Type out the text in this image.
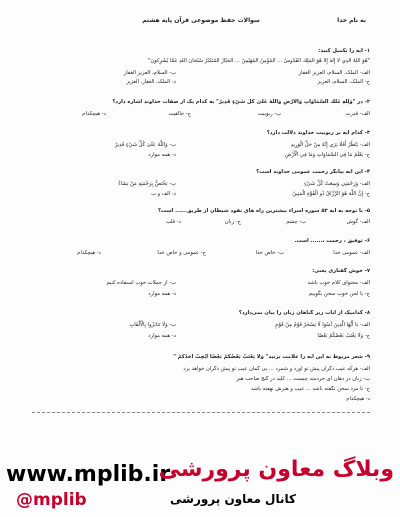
به نام خدا
سوالات حفظ موضوعی قرآن پایه هشتم
۱- آیه را تکمیل کنید:
"هُوَ اللَّهُ الَّذِي لَا إِلَٰهَ إِلَّا هُوَ الْمَلِكُ الْقُدُّوسُ ... الْمُؤْمِنُ الْمُهَيْمِنُ ... الْجَبَّارُ الْمُتَكَبِّرُ سُبْحَانَ اللَّهِ عَمَّا يُشْرِكُونَ"
الف- الملک، السلام، العزیز الغفار
ب- السلام، العزیز الغفار
ج- الملک، السلام، العزیز
د- الملک، العفار، العزیز
۲- در "وَلِلَّهِ مُلْكُ السَّمَاوَاتِ وَالْأَرْضِ وَاللَّهُ عَلَىٰ كُلِّ شَيْءٍ قَدِيرٌ" به کدام یک از صفات خداوند اشاره دارد؟
الف- قدرت
ب- ربوبیت
ج- خالقیت
د- هیچکدام
۳- کدام آیه بر ربوبیت خداوند دلالت دارد؟
الف- يَنْظُرْ أَفَلَا يَرَى إِنَّهُ مِنْ حَلِّ الْوَرِيدِ
ب- وَاللَّهُ عَلَىٰ كُلِّ شَيْءٍ قَدِيرٌ
ج- يَعْلَمُ مَا فِي السَّمَاوَاتِ وَمَا فِي الْأَرْضِ
د- همه موارد
۴- این آیه بیانگر رحمت عمومی خداوند است؟
الف- وَرَحْمَتِي وَسِعَتْ كُلَّ شَيْءٍ
ب- يَخْتَصُّ بِرَحْمَتِهِ مَنْ يَشَاءُ
ج- إِنَّ اللَّهَ هُوَ الرَّزَّاقُ ذُو الْقُوَّةِ الْمَتِينُ
د- الف و ب
۵- با توجه به آیه ۵۳ سوره اسراء بیشترین راه های نفوذ شیطان از طریق...... است؟
الف- گوش
ب- چشم
ج- زبان
د- قلب
۶- توفیق ، رحمت ،...... است.
الف- عمومی خدا
ب- خاص خدا
ج- عمومی و خاص خدا
د- هیچکدام
۷- خوش گفتاری یعنی:
الف- محتوای کلام خوب باشد
ب- از جملات خوب استفاده کنیم
ج- با لحن خوب سخن بگوییم
د- همه موارد
۸- کدامیک از آیات زیر گناهان زبان را بیان نمی‌دارد؟
الف- يَا أَيُّهَا الَّذِينَ آمَنُوا لَا يَسْخَرْ قَوْمٌ مِنْ قَوْمٍ
ب- وَلَا تَنَابَزُوا بِالْأَلْقَابِ
ج- وَلَا يَغْتَبْ بَعْضُكُمْ بَعْضًا
د- همه موارد
۹- شعر مربوط به این آیه را علامت بزنید" وَلَا يَغْتَبْ بَعْضُكُمْ بَعْضًا أَيُحِبُّ أَحَدُكُمْ "
الف- هرکه عیب دگران پیش تو آورد و شمرد ... بی گمان عیب تو پیش دگران خواهد برد
ب- زبان در دهان ای خردمند چیست ... کلید در گنج صاحب هنر
ج- تا مرد سخن نگفته باشد ... عیب و هنرش نهفته باشد
د- هیچکدام
www.mplib.ir
وبلاگ معاون پرورشی
کانال معاون پرورشی
@mplib
